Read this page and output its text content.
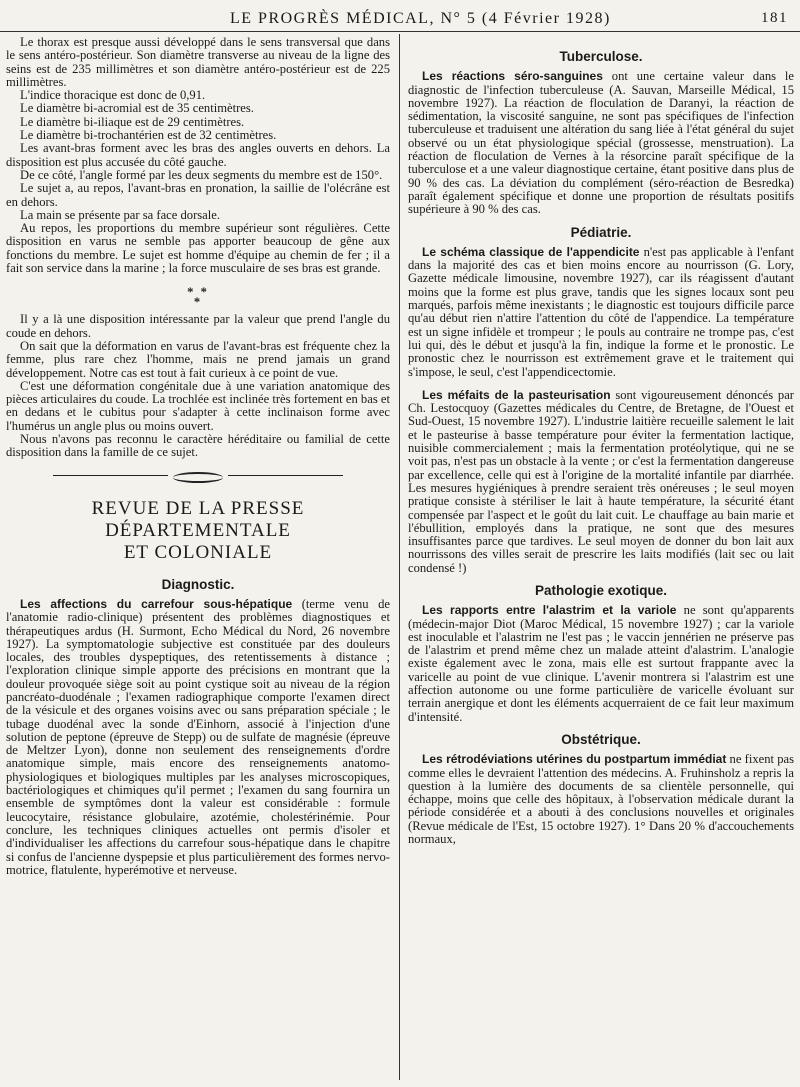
LE PROGRÈS MÉDICAL, N° 5 (4 Février 1928)	181

Le thorax est presque aussi développé dans le sens transversal que dans le sens antéro-postérieur. Son diamètre transverse au niveau de la ligne des seins est de 235 millimètres et son diamètre antéro-postérieur est de 225 millimètres.

L'indice thoracique est donc de 0,91.

Le diamètre bi-acromial est de 35 centimètres.

Le diamètre bi-iliaque est de 29 centimètres.

Le diamètre bi-trochantérien est de 32 centimètres.

Les avant-bras forment avec les bras des angles ouverts en dehors. La disposition est plus accusée du côté gauche.

De ce côté, l'angle formé par les deux segments du membre est de 150°.

Le sujet a, au repos, l'avant-bras en pronation, la saillie de l'olécrâne est en dehors.

La main se présente par sa face dorsale.

Au repos, les proportions du membre supérieur sont régulières. Cette disposition en varus ne semble pas apporter beaucoup de gêne aux fonctions du membre. Le sujet est homme d'équipe au chemin de fer ; il a fait son service dans la marine ; la force musculaire de ses bras est grande.

* *
*

Il y a là une disposition intéressante par la valeur que prend l'angle du coude en dehors.

On sait que la déformation en varus de l'avant-bras est fréquente chez la femme, plus rare chez l'homme, mais ne prend jamais un grand développement. Notre cas est tout à fait curieux à ce point de vue.

C'est une déformation congénitale due à une variation anatomique des pièces articulaires du coude. La trochlée est inclinée très fortement en bas et en dedans et le cubitus pour s'adapter à cette inclinaison forme avec l'humérus un angle plus ou moins ouvert.

Nous n'avons pas reconnu le caractère héréditaire ou familial de cette disposition dans la famille de ce sujet.

REVUE DE LA PRESSE DÉPARTEMENTALE
ET COLONIALE
Diagnostic.

Les affections du carrefour sous-hépatique (terme venu de l'anatomie radio-clinique) présentent des problèmes diagnostiques et thérapeutiques ardus (H. Surmont, Echo Médical du Nord, 26 novembre 1927). La symptomatologie subjective est constituée par des douleurs locales, des troubles dyspeptiques, des retentissements à distance ; l'exploration clinique simple apporte des précisions en montrant que la douleur provoquée siège soit au point cystique soit au niveau de la région pancréato-duodénale ; l'examen radiographique comporte l'examen direct de la vésicule et des organes voisins avec ou sans préparation spéciale ; le tubage duodénal avec la sonde d'Einhorn, associé à l'injection d'une solution de peptone (épreuve de Stepp) ou de sulfate de magnésie (épreuve de Meltzer Lyon), donne non seulement des renseignements d'ordre anatomique simple, mais encore des renseignements anatomo-physiologiques et biologiques multiples par les analyses microscopiques, bactériologiques et chimiques qu'il permet ; l'examen du sang fournira un ensemble de symptômes dont la valeur est considérable : formule leucocytaire, résistance globulaire, azotémie, cholestérinémie. Pour conclure, les techniques cliniques actuelles ont permis d'isoler et d'individualiser les affections du carrefour sous-hépatique dans le chapitre si confus de l'ancienne dyspepsie et plus particulièrement des formes nervo-motrice, flatulente, hyperémotive et nerveuse.

Tuberculose.

Les réactions séro-sanguines ont une certaine valeur dans le diagnostic de l'infection tuberculeuse (A. Sauvan, Marseille Médical, 15 novembre 1927). La réaction de floculation de Daranyi, la réaction de sédimentation, la viscosité sanguine, ne sont pas spécifiques de l'infection tuberculeuse et traduisent une altération du sang liée à l'état général du sujet observé ou un état physiologique spécial (grossesse, menstruation). La réaction de floculation de Vernes à la résorcine paraît spécifique de la tuberculose et a une valeur diagnostique certaine, étant positive dans plus de 90 % des cas. La déviation du complément (séro-réaction de Besredka) paraît également spécifique et donne une proportion de résultats positifs supérieure à 90 % des cas.

Pédiatrie.

Le schéma classique de l'appendicite n'est pas applicable à l'enfant dans la majorité des cas et bien moins encore au nourrisson (G. Lory, Gazette médicale limousine, novembre 1927), car ils réagissent d'autant moins que la forme est plus grave, tandis que les signes locaux sont peu marqués, parfois même inexistants ; le diagnostic est toujours difficile parce qu'au début rien n'attire l'attention du côté de l'appendice. La température est un signe infidèle et trompeur ; le pouls au contraire ne trompe pas, c'est lui qui, dès le début et jusqu'à la fin, indique la forme et le pronostic. Le pronostic chez le nourrisson est extrêmement grave et le traitement qui s'impose, le seul, c'est l'appendicectomie.

Les méfaits de la pasteurisation sont vigoureusement dénoncés par Ch. Lestocquoy (Gazettes médicales du Centre, de Bretagne, de l'Ouest et Sud-Ouest, 15 novembre 1927). L'industrie laitière recueille salement le lait et le pasteurise à basse température pour éviter la fermentation lactique, nuisible commercialement ; mais la fermentation protéolytique, qui ne se voit pas, n'est pas un obstacle à la vente ; or c'est la fermentation dangereuse par excellence, celle qui est à l'origine de la mortalité infantile par diarrhée. Les mesures hygiéniques à prendre seraient très onéreuses ; le seul moyen pratique consiste à stériliser le lait à haute température, la sécurité étant compensée par l'aspect et le goût du lait cuit. Le chauffage au bain marie et l'ébullition, employés dans la pratique, ne sont que des mesures insuffisantes parce que tardives. Le seul moyen de donner du bon lait aux nourrissons des villes serait de prescrire les laits modifiés (lait sec ou lait condensé !)

Pathologie exotique.

Les rapports entre l'alastrim et la variole ne sont qu'apparents (médecin-major Diot (Maroc Médical, 15 novembre 1927) ; car la variole est inoculable et l'alastrim ne l'est pas ; le vaccin jennérien ne préserve pas de l'alastrim et prend même chez un malade atteint d'alastrim. L'analogie existe également avec le zona, mais elle est surtout frappante avec la varicelle au point de vue clinique. L'avenir montrera si l'alastrim est une affection autonome ou une forme particulière de varicelle évoluant sur terrain anergique et dont les éléments acquerraient de ce fait leur maximum d'intensité.

Obstétrique.

Les rétrodéviations utérines du postpartum immédiat ne fixent pas comme elles le devraient l'attention des médecins. A. Fruhinsholz a repris la question à la lumière des documents de sa clientèle personnelle, qui échappe, moins que celle des hôpitaux, à l'observation médicale durant la période considérée et a abouti à des conclusions nouvelles et originales (Revue médicale de l'Est, 15 octobre 1927). 1° Dans 20 % d'accouchements normaux,
